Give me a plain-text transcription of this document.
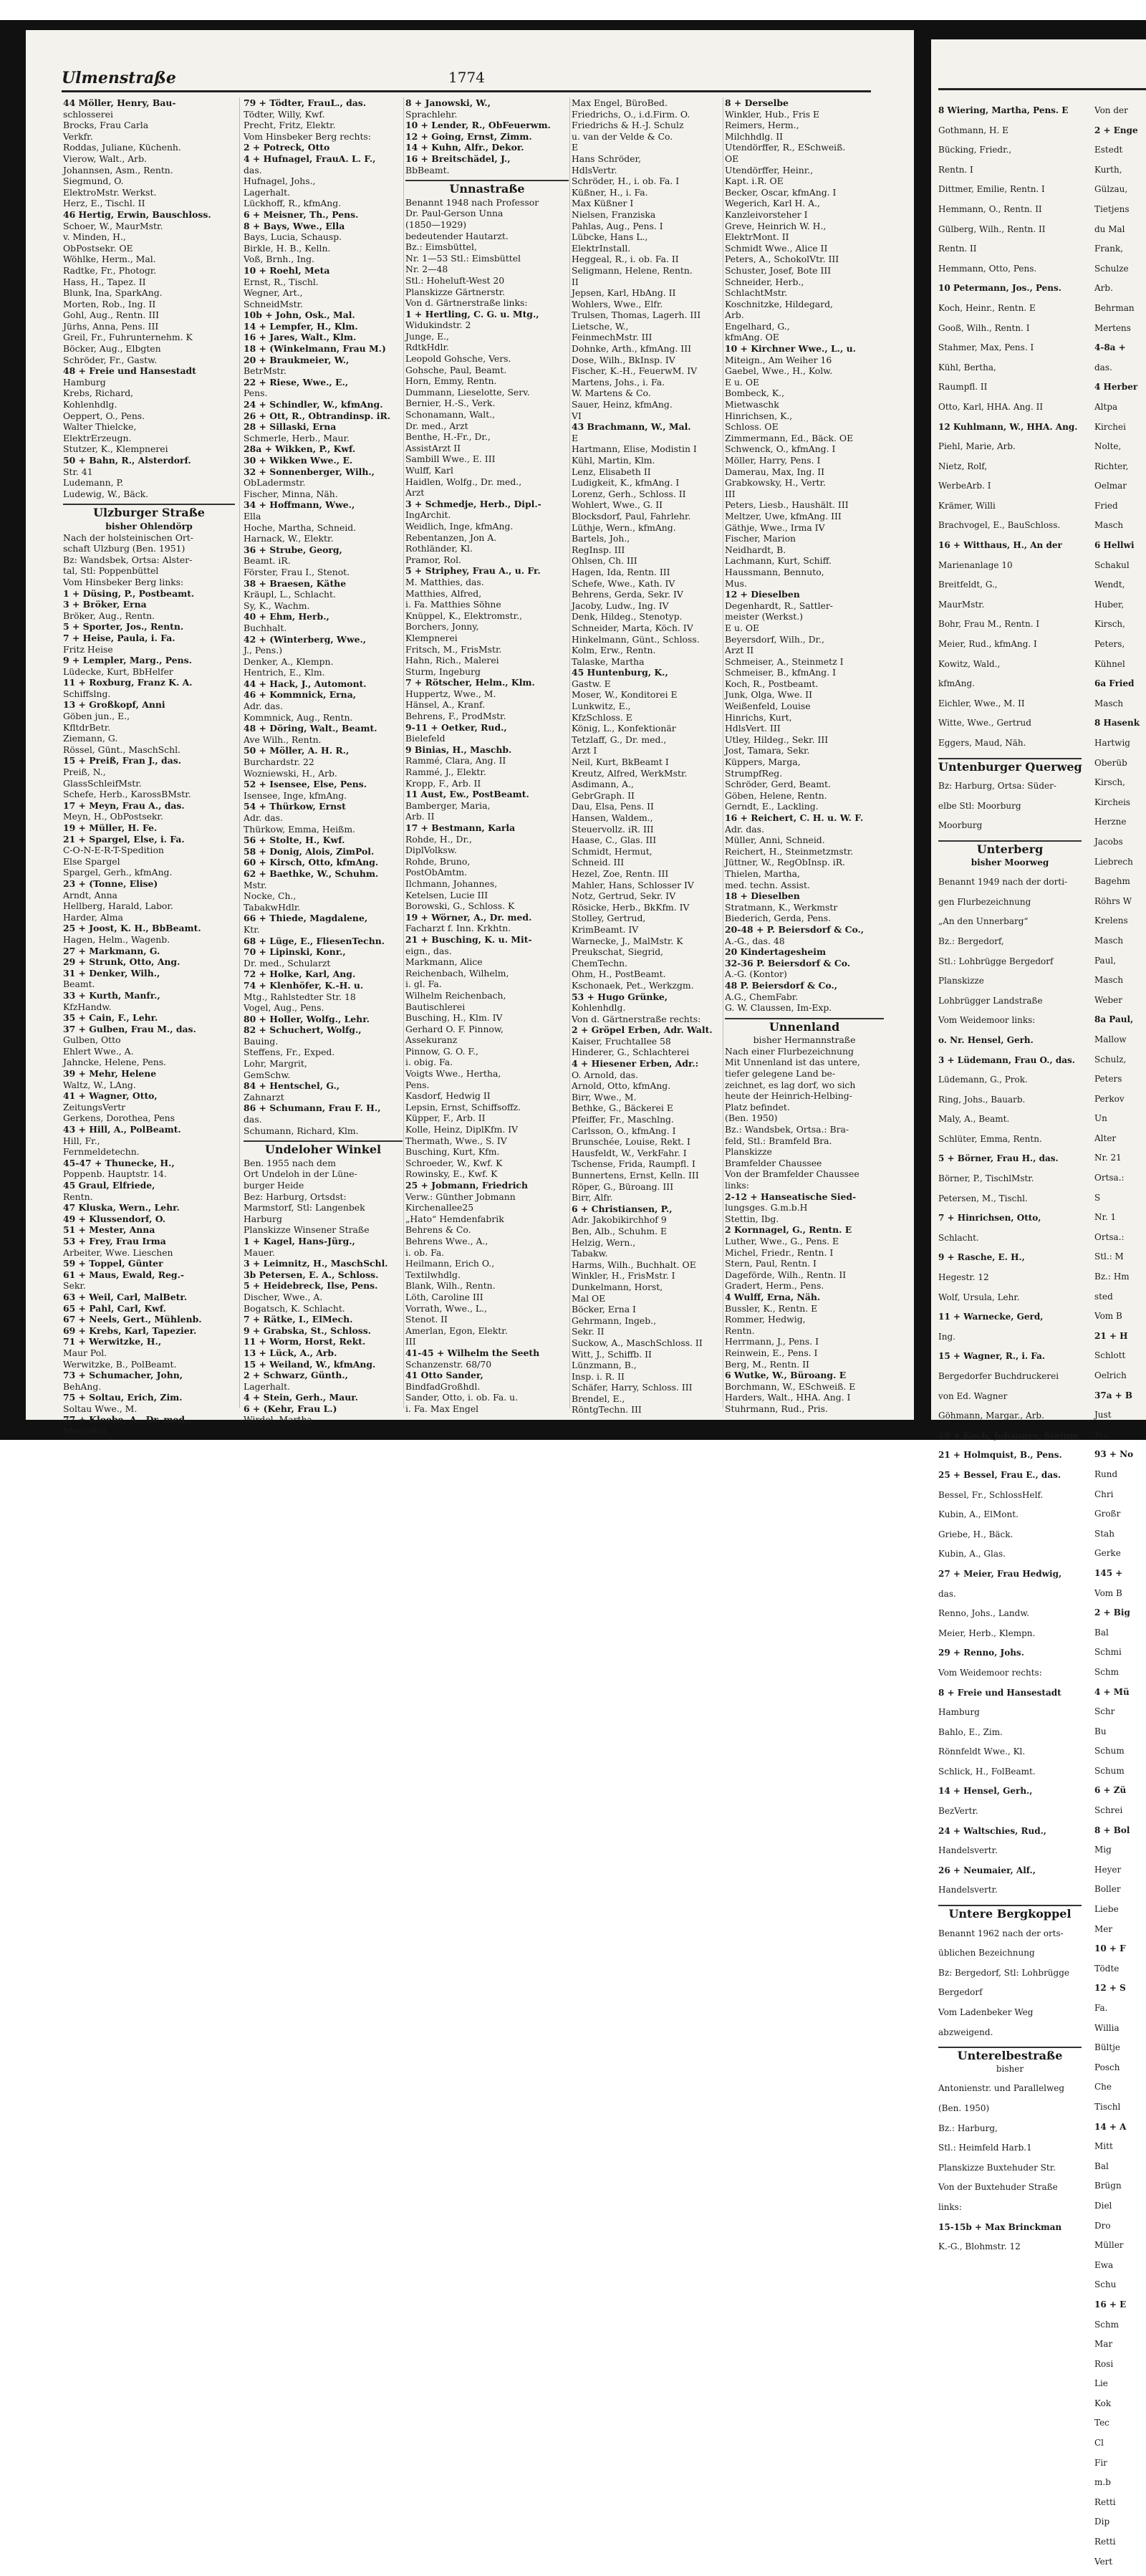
8 Wiering, Martha, Pens. E

Gothmann, H. E

Bücking, Friedr.,

Rentn. I

Dittmer, Emilie, Rentn. I

Hemmann, O., Rentn. II

Gülberg, Wilh., Rentn. II

Rentn. II

Hemmann, Otto, Pens.

10 Petermann, Jos., Pens.

Koch, Heinr., Rentn. E

Gooß, Wilh., Rentn. I

Stahmer, Max, Pens. I

Kühl, Bertha,

Raumpfl. II

Otto, Karl, HHA. Ang. II

12 Kuhlmann, W., HHA. Ang.

Piehl, Marie, Arb.

Nietz, Rolf,

WerbeArb. I

Krämer, Willi

Brachvogel, E., BauSchloss.

16 + Witthaus, H., An der

Marienanlage 10

Breitfeldt, G.,

MaurMstr.

Bohr, Frau M., Rentn. I

Meier, Rud., kfmAng. I

Kowitz, Wald.,

kfmAng.

Eichler, Wwe., M. II

Witte, Wwe., Gertrud

Eggers, Maud, Näh.

Untenburger Querweg

Bz: Harburg, Ortsa: Süder-

elbe Stl: Moorburg

Moorburg

Unterberg

bisher Moorweg

Benannt 1949 nach der dorti-

gen Flurbezeichnung

„An den Unnerbarg“

Bz.: Bergedorf,

Stl.: Lohbrügge Bergedorf

Planskizze

Lohbrügger Landstraße

Vom Weidemoor links:

o. Nr. Hensel, Gerh.

3 + Lüdemann, Frau O., das.

Lüdemann, G., Prok.

Ring, Johs., Bauarb.

Maly, A., Beamt.

Schlüter, Emma, Rentn.

5 + Börner, Frau H., das.

Börner, P., TischlMstr.

Petersen, M., Tischl.

7 + Hinrichsen, Otto,

Schlacht.

9 + Rasche, E. H.,

Hegestr. 12

Wolf, Ursula, Lehr.

11 + Warnecke, Gerd,

Ing.

15 + Wagner, R., i. Fa.

Bergedorfer Buchdruckerei

von Ed. Wagner

Göhmann, Margar., Arb.

19 + Koch, Johannes, Steinm

21 + Holmquist, B., Pens.

25 + Bessel, Frau E., das.

Bessel, Fr., SchlossHelf.

Kubin, A., ElMont.

Griebe, H., Bäck.

Kubin, A., Glas.

27 + Meier, Frau Hedwig,

das.

Renno, Johs., Landw.

Meier, Herb., Klempn.

29 + Renno, Johs.

Vom Weidemoor rechts:

8 + Freie und Hansestadt

Hamburg

Bahlo, E., Zim.

Rönnfeldt Wwe., Kl.

Schlick, H., FolBeamt.

14 + Hensel, Gerh.,

BezVertr.

24 + Waltschies, Rud.,

Handelsvertr.

26 + Neumaier, Alf.,

Handelsvertr.

Untere Bergkoppel

Benannt 1962 nach der orts-

üblichen Bezeichnung

Bz: Bergedorf, Stl: Lohbrügge

Bergedorf

Vom Ladenbeker Weg

abzweigend.

Unterelbestraße

bisher

Antonienstr. und Parallelweg

(Ben. 1950)

Bz.: Harburg,

Stl.: Heimfeld Harb.1

Planskizze Buxtehuder Str.

Von der Buxtehuder Straße

links:

15-15b + Max Brinckman

K.-G., Blohmstr. 12

Von der

2 + Enge

Estedt

Kurth,

Gülzau,

Tietjens

du Mal

Frank,

Schulze

Arb.

Behrman

Mertens

4-8a +

das.

4 Herber

Altpa

Kirchei

Nolte,

Richter,

Oelmar

Fried

Masch

6 Hellwi

Schakul

Wendt,

Huber,

Kirsch,

Peters,

Kühnel

6a Fried

Masch

8 Hasenk

Hartwig

Oberüb

Kirsch,

Kircheis

Herzne

Jacobs

Liebrech

Bagehm

Röhrs W

Krelens

Masch

Paul,

Masch

Weber

8a Paul,

Mallow

Schulz,

Peters

Perkov

Un

Alter

Nr. 21

Ortsa.:

S

Nr. 1

Ortsa.:

Stl.: M

Bz.: Hm

sted

Vom B

21 + H

Schlott

Oelrich

37a + B

Just

Mu

93 + No

Rund

Chri

Großr

Stah

Gerke

145 +

Vom B

2 + Big

Bal

Schmi

Schm

4 + Mü

Schr

Bu

Schum

Schum

6 + Zü

Schrei

8 + Bol

Mig

Heyer

Boller

Liebe

Mer

10 + F

Tödte

12 + S

Fa.

Willia

Bültje

Posch

Che

Tischl

14 + A

Mitt

Bal

Brügn

Diel

Dro

Müller

Ewa

Schu

16 + E

Schm

Mar

Rosi

Lie

Kok

Tec

Cl

Fir

m.b

Retti

Dip

Retti

Vert

Ulmenstraße	1774

44 Möller, Henry, Bau-

schlosserei

Brocks, Frau Carla

Verkfr.

Roddas, Juliane, Küchenh.

Vierow, Walt., Arb.

Johannsen, Asm., Rentn.

Siegmund, O.

ElektroMstr. Werkst.

Herz, E., Tischl. II

46 Hertig, Erwin, Bauschloss.

Schoer, W., MaurMstr.

v. Minden, H.,

ObPostsekr. OE

Wöhlke, Herm., Mal.

Radtke, Fr., Photogr.

Hass, H., Tapez. II

Blunk, Ina, SparkAng.

Morten, Rob., Ing. II

Gohl, Aug., Rentn. III

Jürhs, Anna, Pens. III

Greil, Fr., Fuhrunternehm. K

Böcker, Aug., Elbgten

Schröder, Fr., Gastw.

48 + Freie und Hansestadt

Hamburg

Krebs, Richard,

Kohlenhdlg.

Oeppert, O., Pens.

Walter Thielcke,

ElektrErzeugn.

Stutzer, K., Klempnerei

50 + Bahn, R., Alsterdorf.

Str. 41

Ludemann, P.

Ludewig, W., Bäck.

Ulzburger Straße

bisher Ohlendörp

Nach der holsteinischen Ort-

schaft Ulzburg (Ben. 1951)

Bz: Wandsbek, Ortsa: Alster-

tal, Stl: Poppenbüttel

Vom Hinsbeker Berg links:

1 + Düsing, P., Postbeamt.

3 + Bröker, Erna

Bröker, Aug., Rentn.

5 + Sporter, Jos., Rentn.

7 + Heise, Paula, i. Fa.

Fritz Heise

9 + Lempler, Marg., Pens.

Lüdecke, Kurt, BbHelfer

11 + Roxburg, Franz K. A.

Schiffslng.

13 + Großkopf, Anni

Göben jun., E.,

KfltdrBetr.

Ziemann, G.

Rössel, Günt., MaschSchl.

15 + Preiß, Fran J., das.

Preiß, N.,

GlassSchleifMstr.

Schefe, Herb., KarossBMstr.

17 + Meyn, Frau A., das.

Meyn, H., ObPostsekr.

19 + Müller, H. Fe.

21 + Spargel, Else, i. Fa.

C-O-N-E-R-T-Spedition

Else Spargel

Spargel, Gerh., kfmAng.

23 + (Tonne, Elise)

Arndt, Anna

Hellberg, Harald, Labor.

Harder, Alma

25 + Joost, K. H., BbBeamt.

Hagen, Helm., Wagenb.

27 + Markmann, G.

29 + Strunk, Otto, Ang.

31 + Denker, Wilh.,

Beamt.

33 + Kurth, Manfr.,

KfzHandw.

35 + Cain, F., Lehr.

37 + Gulben, Frau M., das.

Gulben, Otto

Ehlert Wwe., A.

Jahncke, Helene, Pens.

39 + Mehr, Helene

Waltz, W., LAng.

41 + Wagner, Otto,

ZeitungsVertr

Gerkens, Dorothea, Pens

43 + Hill, A., PolBeamt.

Hill, Fr.,

Fernmeldetechn.

45-47 + Thunecke, H.,

Poppenb. Hauptstr. 14.

45 Graul, Elfriede,

Rentn.

47 Kluska, Wern., Lehr.

49 + Klussendorf, O.

51 + Mester, Anna

53 + Frey, Frau Irma

Arbeiter, Wwe. Lieschen

59 + Toppel, Günter

61 + Maus, Ewald, Reg.-

Sekr.

63 + Weil, Carl, MalBetr.

65 + Pahl, Carl, Kwf.

67 + Neels, Gert., Mühlenb.

69 + Krebs, Karl, Tapezier.

71 + Werwitzke, H.,

Maur Pol.

Werwitzke, B., PolBeamt.

73 + Schumacher, John,

BehAng.

75 + Soltau, Erich, Zim.

Soltau Wwe., M.

77 + Kloebe, A., Dr. med.,

MedizRat

79 + Tödter, FrauL., das.

Tödter, Willy, Kwf.

Precht, Fritz, Elektr.

Vom Hinsbeker Berg rechts:

2 + Potreck, Otto

4 + Hufnagel, FrauA. L. F.,

das.

Hufnagel, Johs.,

Lagerhalt.

Lückhoff, R., kfmAng.

6 + Meisner, Th., Pens.

8 + Bays, Wwe., Ella

Bays, Lucia, Schausp.

Birkle, H. B., Kelln.

Voß, Brnh., Ing.

10 + Roehl, Meta

Ernst, R., Tischl.

Wegner, Art.,

SchneidMstr.

10b + John, Osk., Mal.

14 + Lempfer, H., Klm.

16 + Jares, Walt., Klm.

18 + (Winkelmann, Frau M.)

20 + Braukmeier, W.,

BetrMstr.

22 + Riese, Wwe., E.,

Pens.

24 + Schindler, W., kfmAng.

26 + Ott, R., Obtrandinsp. iR.

28 + Sillaski, Erna

Schmerle, Herb., Maur.

28a + Wikken, P., Kwf.

30 + Wikken Wwe., E.

32 + Sonnenberger, Wilh.,

ObLadermstr.

Fischer, Minna, Näh.

34 + Hoffmann, Wwe.,

Ella

Hoche, Martha, Schneid.

Harnack, W., Elektr.

36 + Strube, Georg,

Beamt. iR.

Förster, Frau I., Stenot.

38 + Braesen, Käthe

Kräupl, L., Schlacht.

Sy, K., Wachm.

40 + Ehm, Herb.,

Buchhalt.

42 + (Winterberg, Wwe.,

J., Pens.)

Denker, A., Klempn.

Hentrich, E., Klm.

44 + Hack, J., Automont.

46 + Kommnick, Erna,

Adr. das.

Kommnick, Aug., Rentn.

48 + Döring, Walt., Beamt.

Ave Wilh., Rentn.

50 + Möller, A. H. R.,

Burchardstr. 22

Wozniewski, H., Arb.

52 + Isensee, Else, Pens.

Isensee, Inge, kfmAng.

54 + Thürkow, Ernst

Adr. das.

Thürkow, Emma, Heißm.

56 + Stolte, H., Kwf.

58 + Donig, Alois, ZimPol.

60 + Kirsch, Otto, kfmAng.

62 + Baethke, W., Schuhm.

Mstr.

Nocke, Ch.,

TabakwHdlr.

66 + Thiede, Magdalene,

Ktr.

68 + Lüge, E., FliesenTechn.

70 + Lipinski, Konr.,

Dr. med., Schularzt

72 + Holke, Karl, Ang.

74 + Klenhöfer, K.-H. u.

Mtg., Rahlstedter Str. 18

Vogel, Aug., Pens.

80 + Holler, Wolfg., Lehr.

82 + Schuchert, Wolfg.,

Bauing.

Steffens, Fr., Exped.

Lohr, Margrit,

GemSchw.

84 + Hentschel, G.,

Zahnarzt

86 + Schumann, Frau F. H.,

das.

Schumann, Richard, Klm.

Undeloher Winkel

Ben. 1955 nach dem

Ort Undeloh in der Lüne-

burger Heide

Bez: Harburg, Ortsdst:

Marmstorf, Stl: Langenbek

Harburg

Planskizze Winsener Straße

1 + Kagel, Hans-Jürg.,

Mauer.

3 + Leimnitz, H., MaschSchl.

3b Petersen, E. A., Schloss.

5 + Heidebreck, Ilse, Pens.

Discher, Wwe., A.

Bogatsch, K. Schlacht.

7 + Rätke, I., ElMech.

9 + Grabska, St., Schloss.

11 + Worm, Horst, Rekt.

13 + Lück, A., Arb.

15 + Weiland, W., kfmAng.

2 + Schwarz, Günth.,

Lagerhalt.

4 + Stein, Gerh., Maur.

6 + (Kehr, Frau L.)

Wirdel, Martha

8 + Janowski, W.,

Sprachlehr.

10 + Lender, R., ObFeuerwm.

12 + Going, Ernst, Zimm.

14 + Kuhn, Alfr., Dekor.

16 + Breitschädel, J.,

BbBeamt.

Unnastraße

Benannt 1948 nach Professor

Dr. Paul-Gerson Unna

(1850—1929)

bedeutender Hautarzt.

Bz.: Eimsbüttel,

Nr. 1—53 Stl.: Eimsbüttel

Nr. 2—48

Stl.: Hoheluft-West 20

Planskizze Gärtnerstr.

Von d. Gärtnerstraße links:

1 + Hertling, C. G. u. Mtg.,

Widukindstr. 2

Junge, E.,

RdtkHdlr.

Leopold Gohsche, Vers.

Gohsche, Paul, Beamt.

Horn, Emmy, Rentn.

Dummann, Lieselotte, Serv.

Bernier, H.-S., Verk.

Schonamann, Walt.,

Dr. med., Arzt

Benthe, H.-Fr., Dr.,

AssistArzt II

Sambill Wwe., E. III

Wulff, Karl

Haidlen, Wolfg., Dr. med.,

Arzt

3 + Schmedje, Herb., Dipl.-

IngArchit.

Weidlich, Inge, kfmAng.

Rebentanzen, Jon A.

Rothländer, Kl.

Pramor, Rol.

5 + Striphey, Frau A., u. Fr.

M. Matthies, das.

Matthies, Alfred,

i. Fa. Matthies Söhne

Knüppel, K., Elektromstr.,

Borchers, Jonny,

Klempnerei

Fritsch, M., FrisMstr.

Hahn, Rich., Malerei

Sturm, Ingeburg

7 + Rötscher, Helm., Klm.

Huppertz, Wwe., M.

Hänsel, A., Kranf.

Behrens, F., ProdMstr.

9-11 + Oetker, Rud.,

Bielefeld

9 Binias, H., Maschb.

Rammé, Clara, Ang. II

Rammé, J., Elektr.

Kropp, F., Arb. II

11 Aust, Ew., PostBeamt.

Bamberger, Maria,

Arb. II

17 + Bestmann, Karla

Rohde, H., Dr.,

DiplVolksw.

Rohde, Bruno,

PostObAmtm.

Ilchmann, Johannes,

Ketelsen, Lucie III

Borowski, G., Schloss. K

19 + Wörner, A., Dr. med.

Facharzt f. Inn. Krkhtn.

21 + Busching, K. u. Mit-

eign., das.

Markmann, Alice

Reichenbach, Wilhelm,

i. gl. Fa.

Wilhelm Reichenbach,

Bautischlerei

Busching, H., Klm. IV

Gerhard O. F. Pinnow,

Assekuranz

Pinnow, G. O. F.,

i. obig. Fa.

Voigts Wwe., Hertha,

Pens.

Kasdorf, Hedwig II

Lepsin, Ernst, Schiffsoffz.

Küpper, F., Arb. II

Kolle, Heinz, DiplKfm. IV

Thermath, Wwe., S. IV

Busching, Kurt, Kfm.

Schroeder, W., Kwf. K

Rowinsky, E., Kwf. K

25 + Jobmann, Friedrich

Verw.: Günther Jobmann

Kirchenallee25

„Hato“ Hemdenfabrik

Behrens & Co.

Behrens Wwe., A.,

i. ob. Fa.

Heilmann, Erich O.,

Textilwhdlg.

Blank, Wilh., Rentn.

Löth, Caroline III

Vorrath, Wwe., L.,

Stenot. II

Amerlan, Egon, Elektr.

III

41-45 + Wilhelm the Seeth

Schanzenstr. 68/70

41 Otto Sander,

BindfadGroßhdl.

Sander, Otto, i. ob. Fa. u.

i. Fa. Max Engel

Max Engel, BüroBed.

Friedrichs, O., i.d.Firm. O.

Friedrichs & H.-J. Schulz

u. van der Velde & Co.

E

Hans Schröder,

HdlsVertr.

Schröder, H., i. ob. Fa. I

Küßner, H., i. Fa.

Max Küßner I

Nielsen, Franziska

Pahlas, Aug., Pens. I

Lübcke, Hans L.,

ElektrInstall.

Heggeal, R., i. ob. Fa. II

Seligmann, Helene, Rentn.

II

Jepsen, Karl, HbAng. II

Wohlers, Wwe., Elfr.

Trulsen, Thomas, Lagerh. III

Lietsche, W.,

FeinmechMstr. III

Dohnke, Arth., kfmAng. III

Dose, Wilh., BkInsp. IV

Fischer, K.-H., FeuerwM. IV

Martens, Johs., i. Fa.

W. Martens & Co.

Sauer, Heinz, kfmAng.

VI

43 Brachmann, W., Mal.

E

Hartmann, Elise, Modistin I

Kühl, Martin, Klm.

Lenz, Elisabeth II

Ludigkeit, K., kfmAng. I

Lorenz, Gerh., Schloss. II

Wohlert, Wwe., G. II

Blocksdorf, Paul, Fahrlehr.

Lüthje, Wern., kfmAng.

Bartels, Joh.,

RegInsp. III

Ohlsen, Ch. III

Hagen, Ida, Rentn. III

Schefe, Wwe., Kath. IV

Behrens, Gerda, Sekr. IV

Jacoby, Ludw., Ing. IV

Denk, Hildeg., Stenotyp.

Schneider, Marta, Köch. IV

Hinkelmann, Günt., Schloss.

Kolm, Erw., Rentn.

Talaske, Martha

45 Huntenburg, K.,

Gastw. E

Moser, W., Konditorei E

Lunkwitz, E.,

KfzSchloss. E

König, L., Konfektionär

Tetzlaff, G., Dr. med.,

Arzt I

Neil, Kurt, BkBeamt I

Kreutz, Alfred, WerkMstr.

Asdimann, A.,

GebrGraph. II

Dau, Elsa, Pens. II

Hansen, Waldem.,

Steuervollz. iR. III

Haase, C., Glas. III

Schmidt, Hermut,

Schneid. III

Hezel, Zoe, Rentn. III

Mahler, Hans, Schlosser IV

Notz, Gertrud, Sekr. IV

Rösicke, Herb., BkKfm. IV

Stolley, Gertrud,

KrimBeamt. IV

Warnecke, J., MalMstr. K

Preukschat, Siegrid,

ChemTechn.

Ohm, H., PostBeamt.

Kschonaek, Pet., Werkzgm.

53 + Hugo Grünke,

Kohlenhdlg.

Von d. Gärtnerstraße rechts:

2 + Gröpel Erben, Adr. Walt.

Kaiser, Fruchtallee 58

Hinderer, G., Schlachterei

4 + Hiesener Erben, Adr.:

O. Arnold, das.

Arnold, Otto, kfmAng.

Birr, Wwe., M.

Bethke, G., Bäckerei E

Pfeiffer, Fr., Maschlng.

Carlsson, O., kfmAng. I

Brunschée, Louise, Rekt. I

Hausfeldt, W., VerkFahr. I

Tschense, Frida, Raumpfl. I

Bunnertens, Ernst, Kelln. III

Röper, G., Büroang. III

Birr, Alfr.

6 + Christiansen, P.,

Adr. Jakobikirchhof 9

Ben, Alb., Schuhm. E

Helzig, Wern.,

Tabakw.

Harms, Wilh., Buchhalt. OE

Winkler, H., FrisMstr. I

Dunkelmann, Horst,

Mal OE

Böcker, Erna I

Gehrmann, Ingeb.,

Sekr. II

Suckow, A., MaschSchloss. II

Witt, J., Schiffb. II

Lünzmann, B.,

Insp. i. R. II

Schäfer, Harry, Schloss. III

Brendel, E.,

RöntgTechn. III

8 + Derselbe

Winkler, Hub., Fris E

Reimers, Herm.,

Milchhdlg. II

Utendörffer, R., ESchweiß.

OE

Utendörffer, Heinr.,

Kapt. i.R. OE

Becker, Oscar, kfmAng. I

Wegerich, Karl H. A.,

Kanzleivorsteher I

Greve, Heinrich W. H.,

ElektrMont. II

Schmidt Wwe., Alice II

Peters, A., SchokolVtr. III

Schuster, Josef, Bote III

Schneider, Herb.,

SchlachtMstr.

Koschnitzke, Hildegard,

Arb.

Engelhard, G.,

kfmAng. OE

10 + Kirchner Wwe., L., u.

Miteign., Am Weiher 16

Gaebel, Wwe., H., Kolw.

E u. OE

Bombeck, K.,

Mietwaschk

Hinrichsen, K.,

Schloss. OE

Zimmermann, Ed., Bäck. OE

Schwenck, O., kfmAng. I

Möller, Harry, Pens. I

Damerau, Max, Ing. II

Grabkowsky, H., Vertr.

III

Peters, Liesb., Haushält. III

Meltzer, Uwe, kfmAng. III

Gäthje, Wwe., Irma IV

Fischer, Marion

Neidhardt, B.

Lachmann, Kurt, Schiff.

Haussmann, Bennuto,

Mus.

12 + Dieselben

Degenhardt, R., Sattler-

meister (Werkst.)

E u. OE

Beyersdorf, Wilh., Dr.,

Arzt II

Schmeiser, A., Steinmetz I

Schmeiser, B., kfmAng. I

Koch, R., Postbeamt.

Junk, Olga, Wwe. II

Weißenfeld, Louise

Hinrichs, Kurt,

HdlsVert. III

Utley, Hildeg., Sekr. III

Jost, Tamara, Sekr.

Küppers, Marga,

StrumpfReg.

Schröder, Gerd, Beamt.

Göben, Helene, Rentn.

Gerndt, E., Lackling.

16 + Reichert, C. H. u. W. F.

Adr. das.

Müller, Anni, Schneid.

Reichert, H., Steinmetzmstr.

Jüttner, W., RegObInsp. iR.

Thielen, Martha,

med. techn. Assist.

18 + Dieselben

Stratmann, K., Werkmstr

Biederich, Gerda, Pens.

20-48 + P. Beiersdorf & Co.,

A.-G., das. 48

20 Kindertagesheim

32-36 P. Beiersdorf & Co.

A.-G. (Kontor)

48 P. Beiersdorf & Co.,

A.G., ChemFabr.

G. W. Claussen, Im-Exp.

Unnenland

bisher Hermannstraße

Nach einer Flurbezeichnung

Mit Unnenland ist das untere,

tiefer gelegene Land be-

zeichnet, es lag dorf, wo sich

heute der Heinrich-Helbing-

Platz befindet.

(Ben. 1950)

Bz.: Wandsbek, Ortsa.: Bra-

feld, Stl.: Bramfeld Bra.

Planskizze

Bramfelder Chaussee

Von der Bramfelder Chaussee

links:

2-12 + Hanseatische Sied-

lungsges. G.m.b.H

Stettin, Ibg.

2 Kornnagel, G., Rentn. E

Luther, Wwe., G., Pens. E

Michel, Friedr., Rentn. I

Stern, Paul, Rentn. I

Dageförde, Wilh., Rentn. II

Gradert, Herm., Pens.

4 Wulff, Erna, Näh.

Bussler, K., Rentn. E

Rommer, Hedwig,

Rentn.

Herrmann, J., Pens. I

Reinwein, E., Pens. I

Berg, M., Rentn. II

6 Wutke, W., Büroang. E

Borchmann, W., ESchweiß. E

Harders, Walt., HHA. Ang. I

Stuhrmann, Rud., Pris.
